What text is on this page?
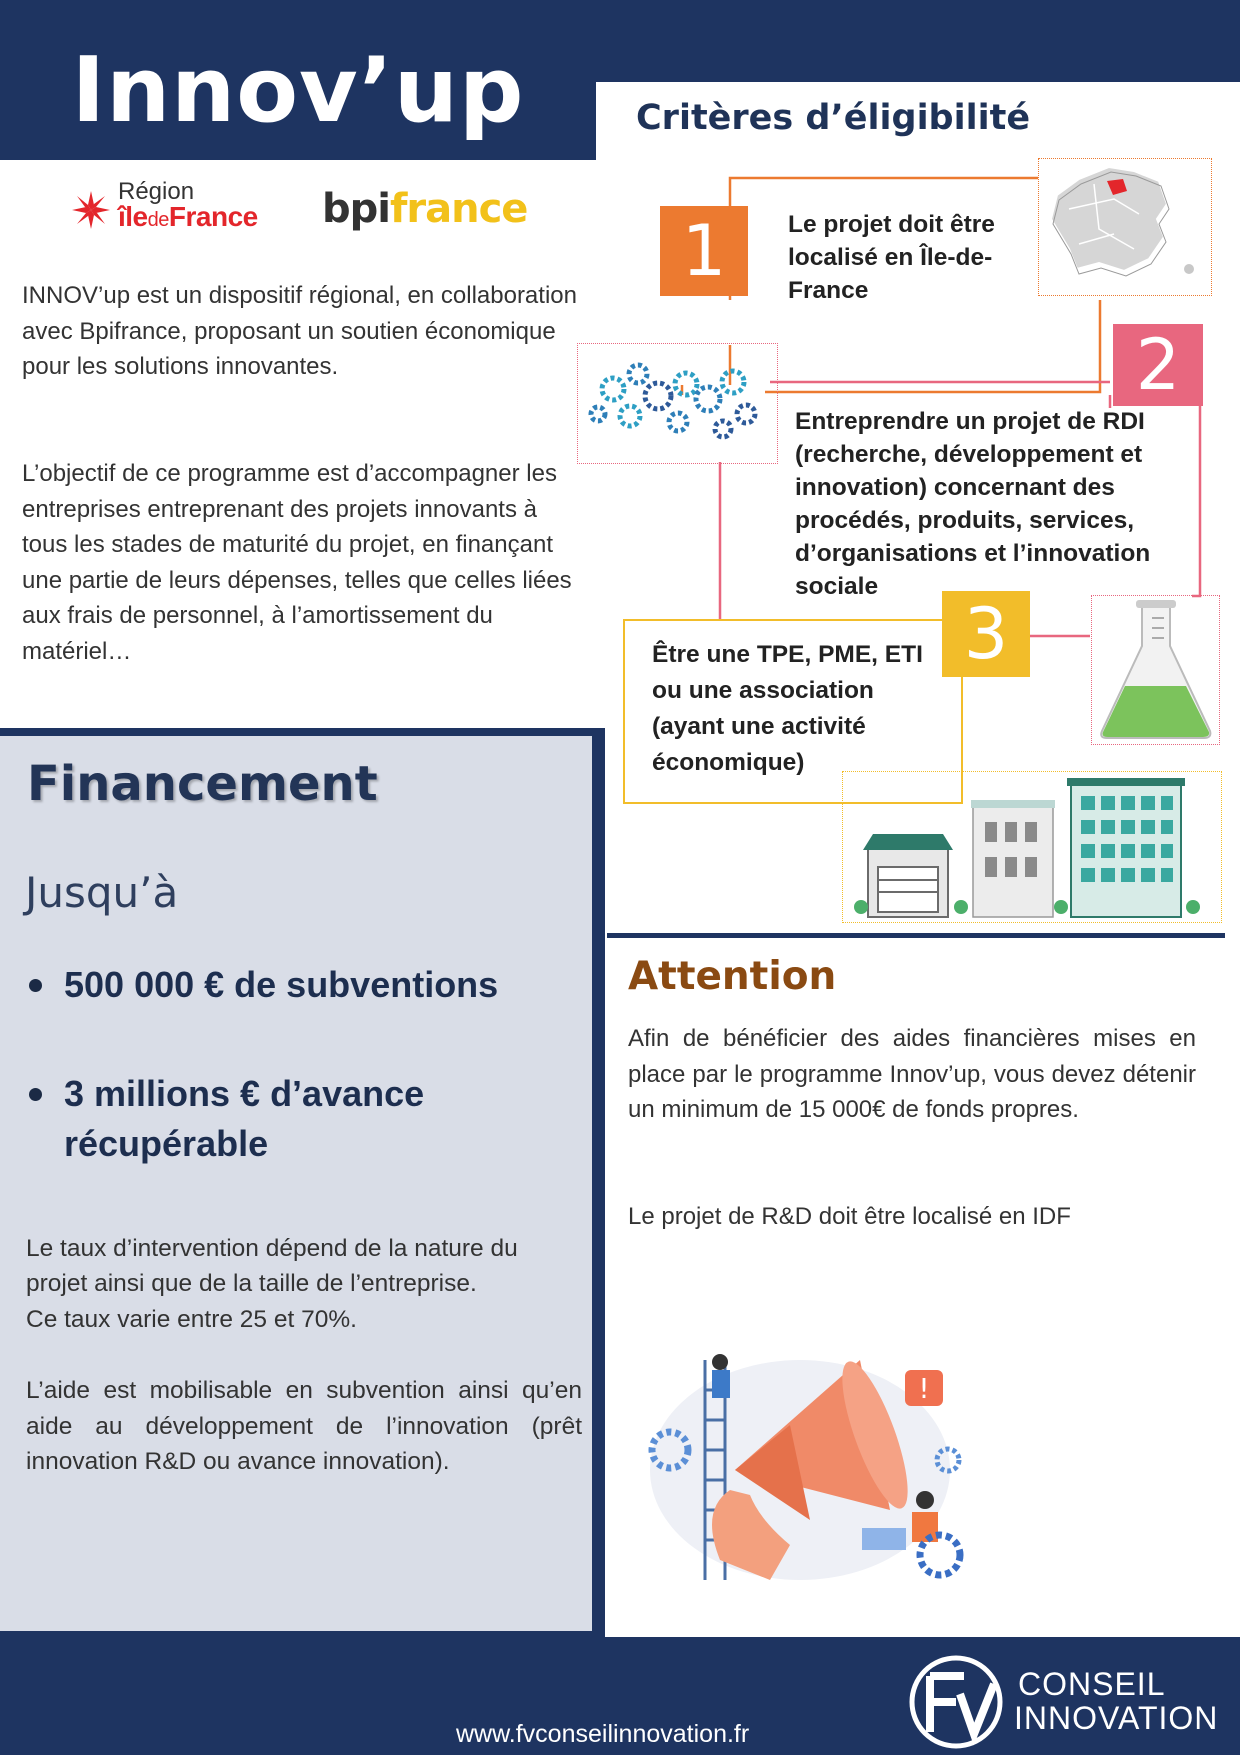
Innov’up
Région
îledeFrance bpifrance
INNOV’up est un dispositif régional, en collaboration avec Bpifrance, proposant un soutien économique pour les solutions innovantes.
L’objectif de ce programme est d’accompagner les entreprises entreprenant des projets innovants à tous les stades de maturité du projet, en finançant une partie de leurs dépenses, telles que celles liées aux frais de personnel, à l’amortissement du matériel…
Financement
Jusqu’à
500 000 € de subventions
3 millions € d’avance
récupérable
Le taux d’intervention dépend de la nature du
projet ainsi que de la taille de l’entreprise.
Ce taux varie entre 25 et 70%.
L’aide est mobilisable en subvention ainsi qu’en aide au développement de l’innovation (prêt innovation R&D ou avance innovation).
Critères d’éligibilité
1	Le projet doit être localisé en Île-de-France
2
Entreprendre un projet de RDI (recherche, développement et innovation) concernant des procédés, produits, services, d’organisations et l’innovation sociale
3
Être une TPE, PME, ETI ou une association (ayant une activité économique)
Attention
Afin de bénéficier des aides financières mises en place par le programme Innov’up, vous devez détenir un minimum de 15 000€ de fonds propres.
Le projet de R&D doit être localisé en IDF
!
www.fvconseilinnovation.fr
CONSEIL
INNOVATION
